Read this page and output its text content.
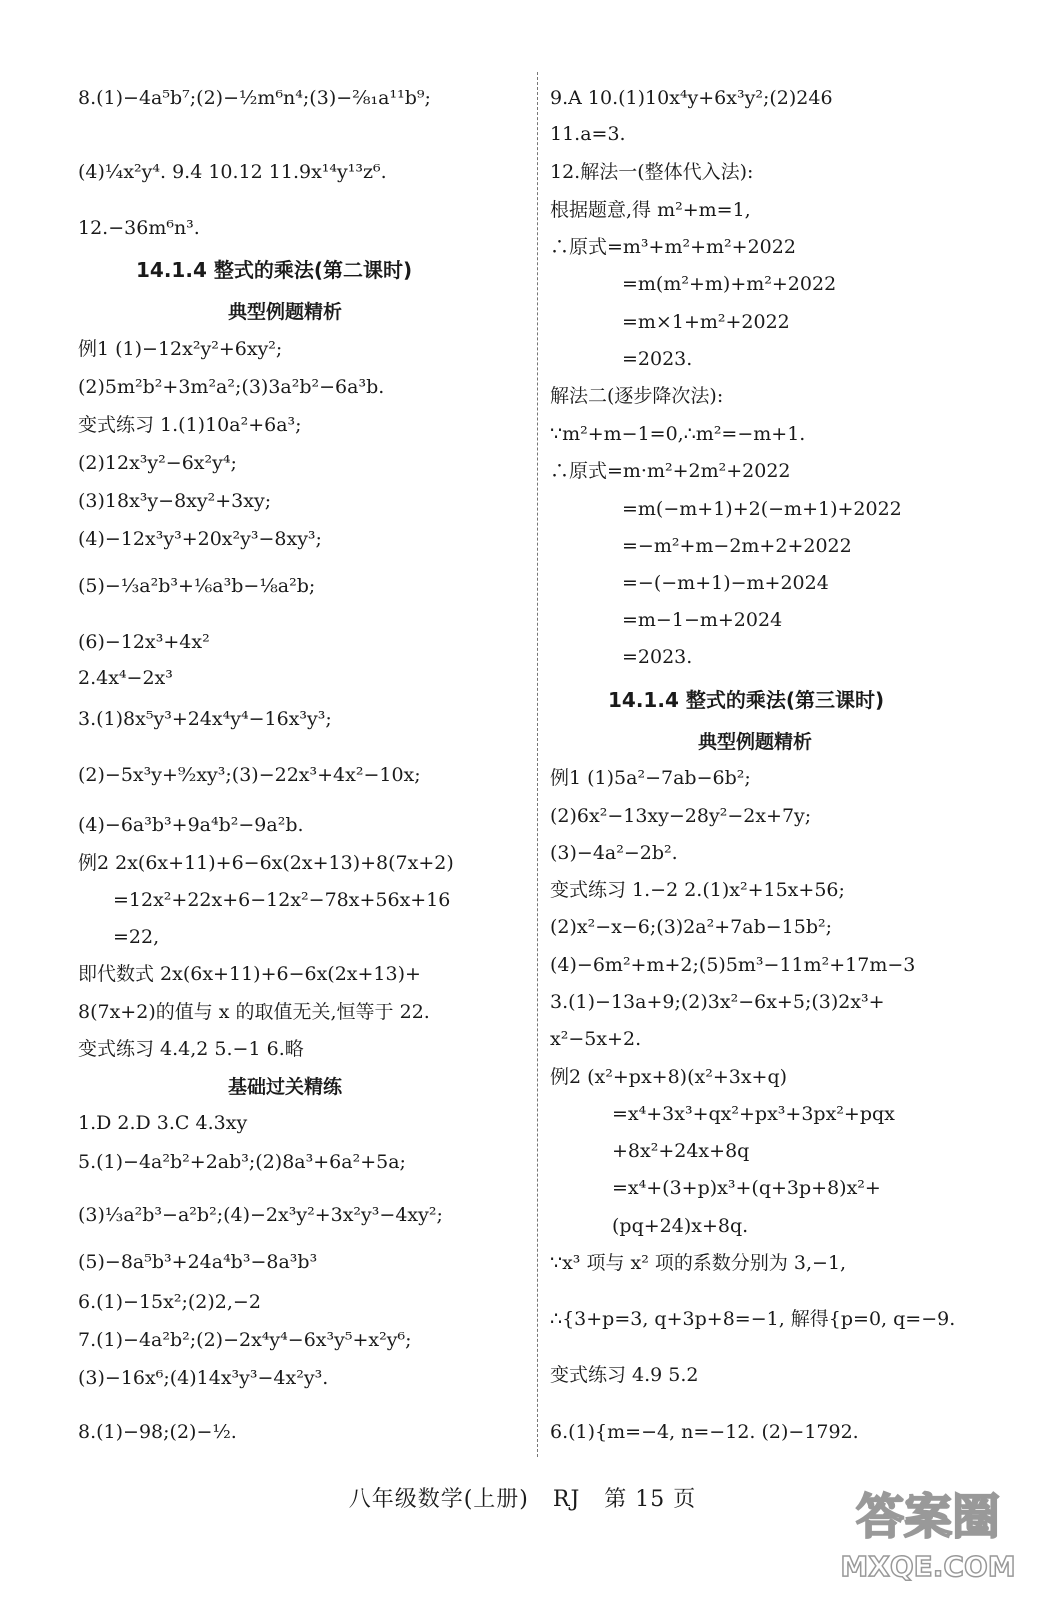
8.(1)−4a⁵b⁷;(2)−½m⁶n⁴;(3)−²⁄₈₁a¹¹b⁹;
(4)¼x²y⁴. 9.4 10.12 11.9x¹⁴y¹³z⁶.
12.−36m⁶n³.
14.1.4 整式的乘法(第二课时)
典型例题精析
例1 (1)−12x²y²+6xy²;
(2)5m²b²+3m²a²;(3)3a²b²−6a³b.
变式练习 1.(1)10a²+6a³;
(2)12x³y²−6x²y⁴;
(3)18x³y−8xy²+3xy;
(4)−12x³y³+20x²y³−8xy³;
(5)−⅓a²b³+⅙a³b−⅛a²b;
(6)−12x³+4x²
2.4x⁴−2x³
3.(1)8x⁵y³+24x⁴y⁴−16x³y³;
(2)−5x³y+⁹⁄₂xy³;(3)−22x³+4x²−10x;
(4)−6a³b³+9a⁴b²−9a²b.
例2 2x(6x+11)+6−6x(2x+13)+8(7x+2)
=12x²+22x+6−12x²−78x+56x+16
=22,
即代数式 2x(6x+11)+6−6x(2x+13)+
8(7x+2)的值与 x 的取值无关,恒等于 22.
变式练习 4.4,2 5.−1 6.略
基础过关精练
1.D 2.D 3.C 4.3xy
5.(1)−4a²b²+2ab³;(2)8a³+6a²+5a;
(3)⅓a²b³−a²b²;(4)−2x³y²+3x²y³−4xy²;
(5)−8a⁵b³+24a⁴b³−8a³b³
6.(1)−15x²;(2)2,−2
7.(1)−4a²b²;(2)−2x⁴y⁴−6x³y⁵+x²y⁶;
(3)−16x⁶;(4)14x³y³−4x²y³.
8.(1)−98;(2)−½.
9.A 10.(1)10x⁴y+6x³y²;(2)246
11.a=3.
12.解法一(整体代入法):
根据题意,得 m²+m=1,
∴原式=m³+m²+m²+2022
=m(m²+m)+m²+2022
=m×1+m²+2022
=2023.
解法二(逐步降次法):
∵m²+m−1=0,∴m²=−m+1.
∴原式=m·m²+2m²+2022
=m(−m+1)+2(−m+1)+2022
=−m²+m−2m+2+2022
=−(−m+1)−m+2024
=m−1−m+2024
=2023.
14.1.4 整式的乘法(第三课时)
典型例题精析
例1 (1)5a²−7ab−6b²;
(2)6x²−13xy−28y²−2x+7y;
(3)−4a²−2b².
变式练习 1.−2 2.(1)x²+15x+56;
(2)x²−x−6;(3)2a²+7ab−15b²;
(4)−6m²+m+2;(5)5m³−11m²+17m−3
3.(1)−13a+9;(2)3x²−6x+5;(3)2x³+
x²−5x+2.
例2 (x²+px+8)(x²+3x+q)
=x⁴+3x³+qx²+px³+3px²+pqx
+8x²+24x+8q
=x⁴+(3+p)x³+(q+3p+8)x²+
(pq+24)x+8q.
∵x³ 项与 x² 项的系数分别为 3,−1,
∴{3+p=3, q+3p+8=−1, 解得{p=0, q=−9.
变式练习 4.9 5.2
6.(1){m=−4, n=−12. (2)−1792.
八年级数学(上册) RJ 第 15 页	答案圈
MXQE.COM
